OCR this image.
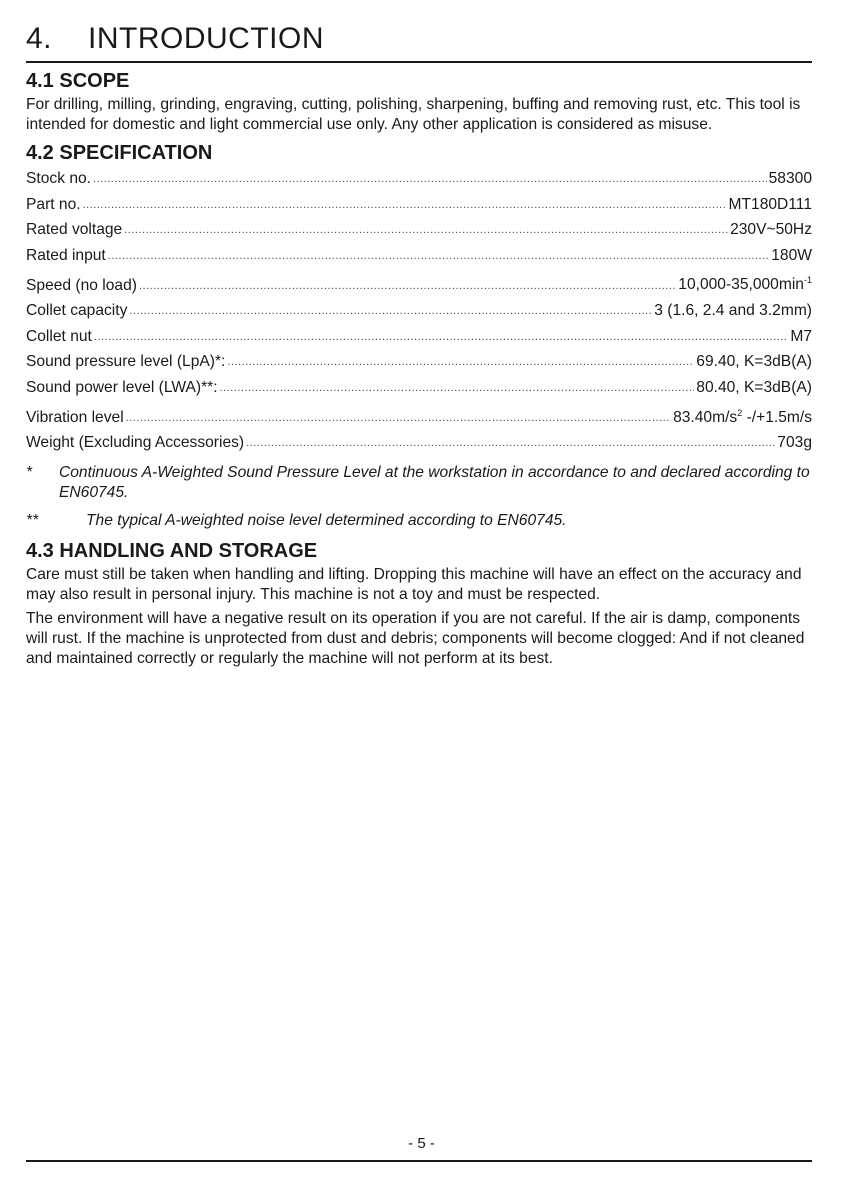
4. INTRODUCTION
4.1 SCOPE

For drilling, milling, grinding, engraving, cutting, polishing, sharpening, buffing and removing rust, etc. This tool is intended for domestic and light commercial use only. Any other application is considered as misuse.

4.2 SPECIFICATION
Stock no. .....	58300
Part no. .....	MT180D111
Rated voltage .....	230V~50Hz
Rated input .....	180W
Speed (no load) .....	$10,000-35,000\min^{-1}$
Collet capacity .....	3 (1.6, 2.4 and 3.2mm)
Collet nut .....	M7
Sound pressure level (LpA)*: .....	69.40, K=3dB(A)
Sound power level (LWA)**: .....	80.40, K=3dB(A)
Vibration level .....	$83.40m/s^2$ -/+1.5m/s
Weight (Excluding Accessories) .....	703g
*	Continuous A-Weighted Sound Pressure Level at the workstation in accordance to and declared according to EN60745.
**	The typical A-weighted noise level determined according to EN60745.
4.3 HANDLING AND STORAGE

Care must still be taken when handling and lifting. Dropping this machine will have an effect on the accuracy and may also result in personal injury. This machine is not a toy and must be respected.

The environment will have a negative result on its operation if you are not careful. If the air is damp, components will rust. If the machine is unprotected from dust and debris; components will become clogged: And if not cleaned and maintained correctly or regularly the machine will not perform at its best.

- 5 -
